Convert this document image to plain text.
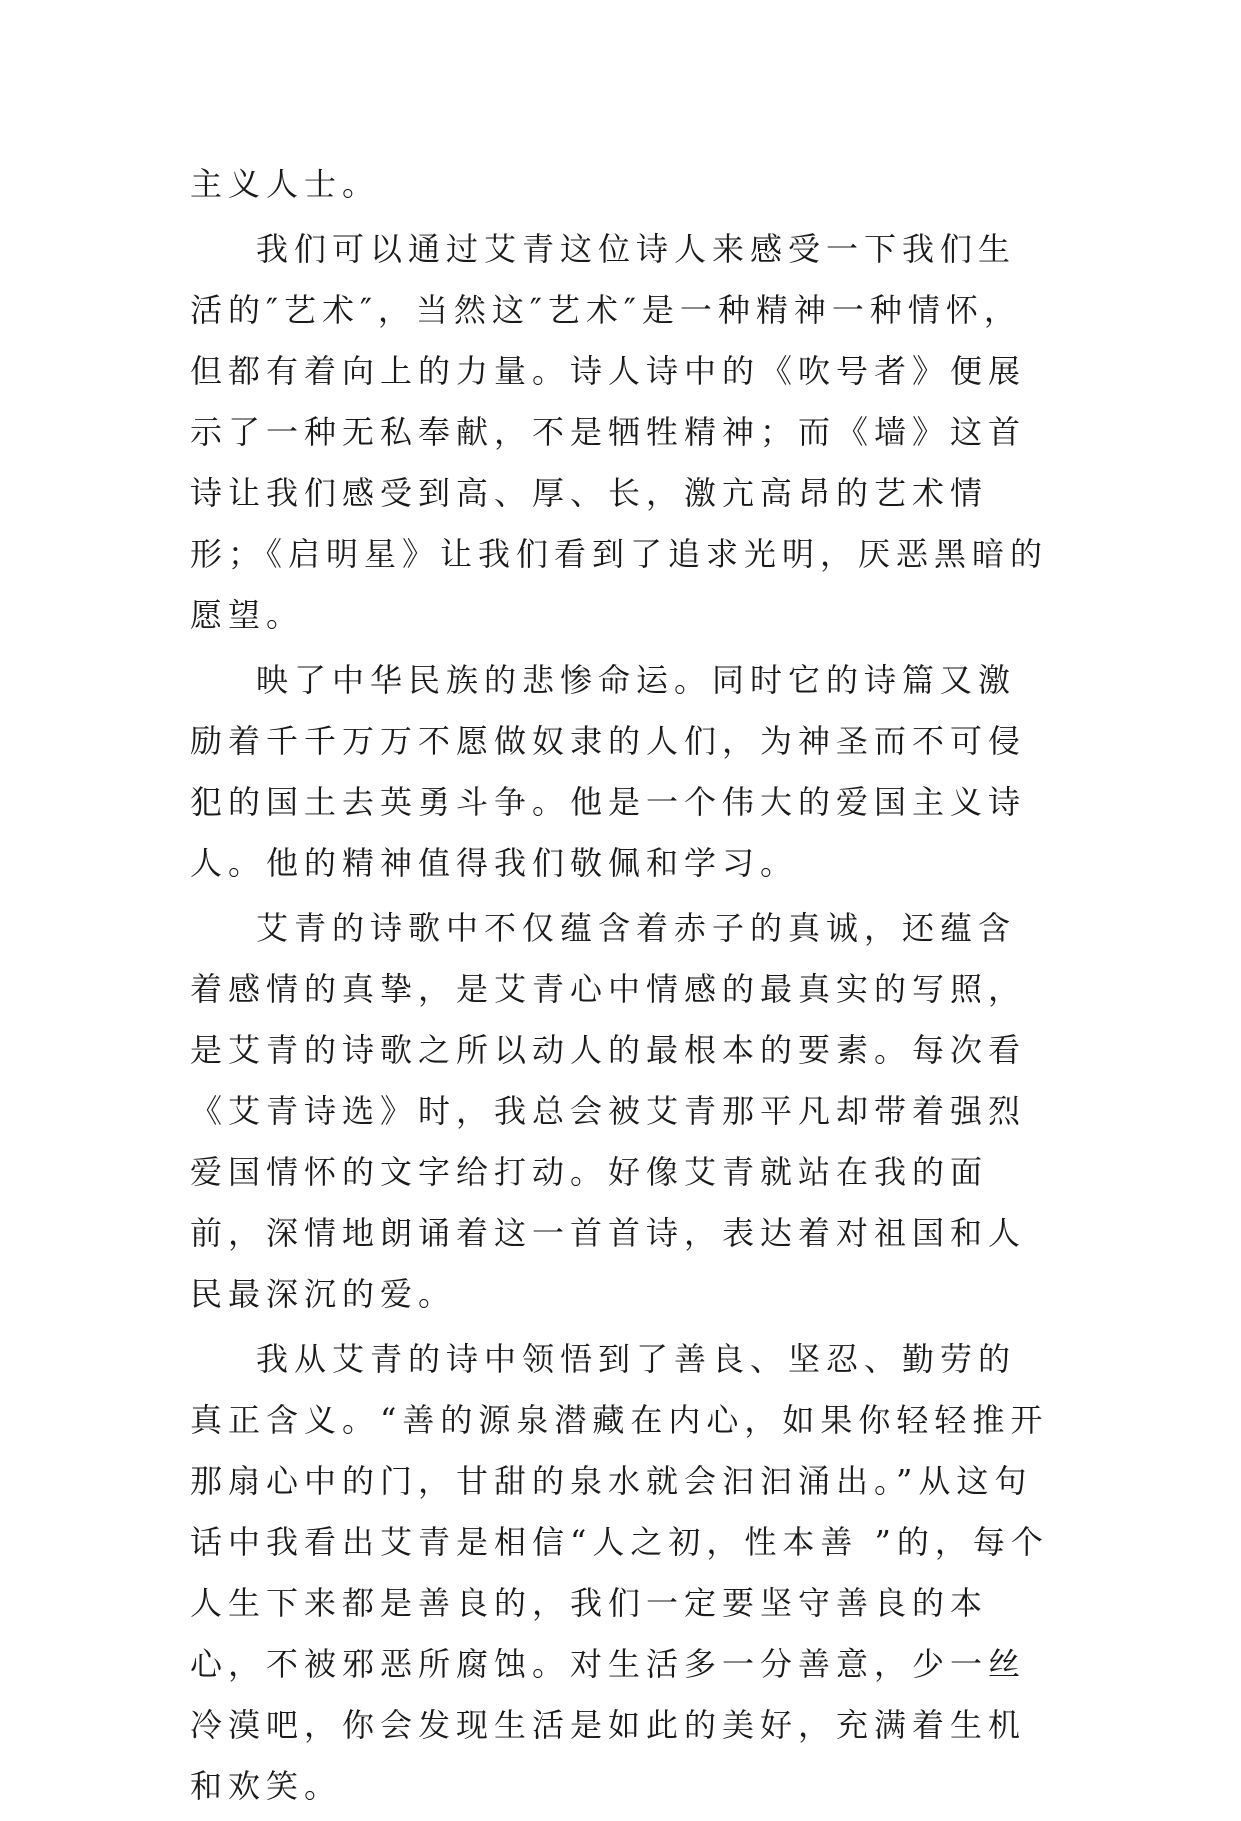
主义人士。

我们可以通过艾青这位诗人来感受一下我们生活的″艺术″，当然这″艺术″是一种精神一种情怀，但都有着向上的力量。诗人诗中的《吹号者》便展示了一种无私奉献，不是牺牲精神；而《墙》这首诗让我们感受到高、厚、长，激亢高昂的艺术情形；《启明星》让我们看到了追求光明，厌恶黑暗的愿望。

映了中华民族的悲惨命运。同时它的诗篇又激励着千千万万不愿做奴隶的人们，为神圣而不可侵犯的国土去英勇斗争。他是一个伟大的爱国主义诗人。他的精神值得我们敬佩和学习。

艾青的诗歌中不仅蕴含着赤子的真诚，还蕴含着感情的真挚，是艾青心中情感的最真实的写照，是艾青的诗歌之所以动人的最根本的要素。每次看《艾青诗选》时，我总会被艾青那平凡却带着强烈爱国情怀的文字给打动。好像艾青就站在我的面前，深情地朗诵着这一首首诗，表达着对祖国和人民最深沉的爱。

我从艾青的诗中领悟到了善良、坚忍、勤劳的真正含义。“善的源泉潜藏在内心，如果你轻轻推开那扇心中的门，甘甜的泉水就会汩汩涌出。”从这句话中我看出艾青是相信“人之初，性本善 ”的，每个人生下来都是善良的，我们一定要坚守善良的本心，不被邪恶所腐蚀。对生活多一分善意，少一丝冷漠吧，你会发现生活是如此的美好，充满着生机和欢笑。
